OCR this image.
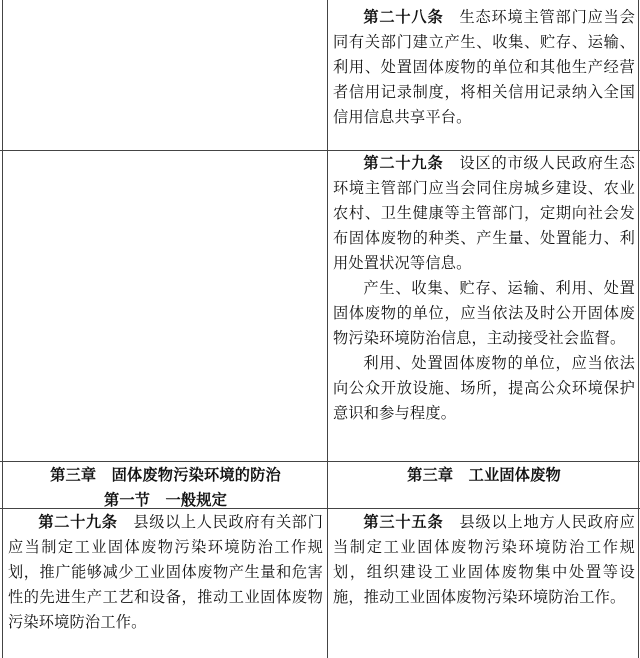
第二十八条　生态环境主管部门应当会同有关部门建立产生、收集、贮存、运输、利用、处置固体废物的单位和其他生产经营者信用记录制度，将相关信用记录纳入全国信用信息共享平台。

第二十九条　设区的市级人民政府生态环境主管部门应当会同住房城乡建设、农业农村、卫生健康等主管部门，定期向社会发布固体废物的种类、产生量、处置能力、利用处置状况等信息。

产生、收集、贮存、运输、利用、处置固体废物的单位，应当依法及时公开固体废物污染环境防治信息，主动接受社会监督。

利用、处置固体废物的单位，应当依法向公众开放设施、场所，提高公众环境保护意识和参与程度。

第三章　固体废物污染环境的防治
第一节　一般规定
第三章　工业固体废物

第二十九条　县级以上人民政府有关部门应当制定工业固体废物污染环境防治工作规划，推广能够减少工业固体废物产生量和危害性的先进生产工艺和设备，推动工业固体废物污染环境防治工作。

第三十五条　县级以上地方人民政府应当制定工业固体废物污染环境防治工作规划，组织建设工业固体废物集中处置等设施，推动工业固体废物污染环境防治工作。
